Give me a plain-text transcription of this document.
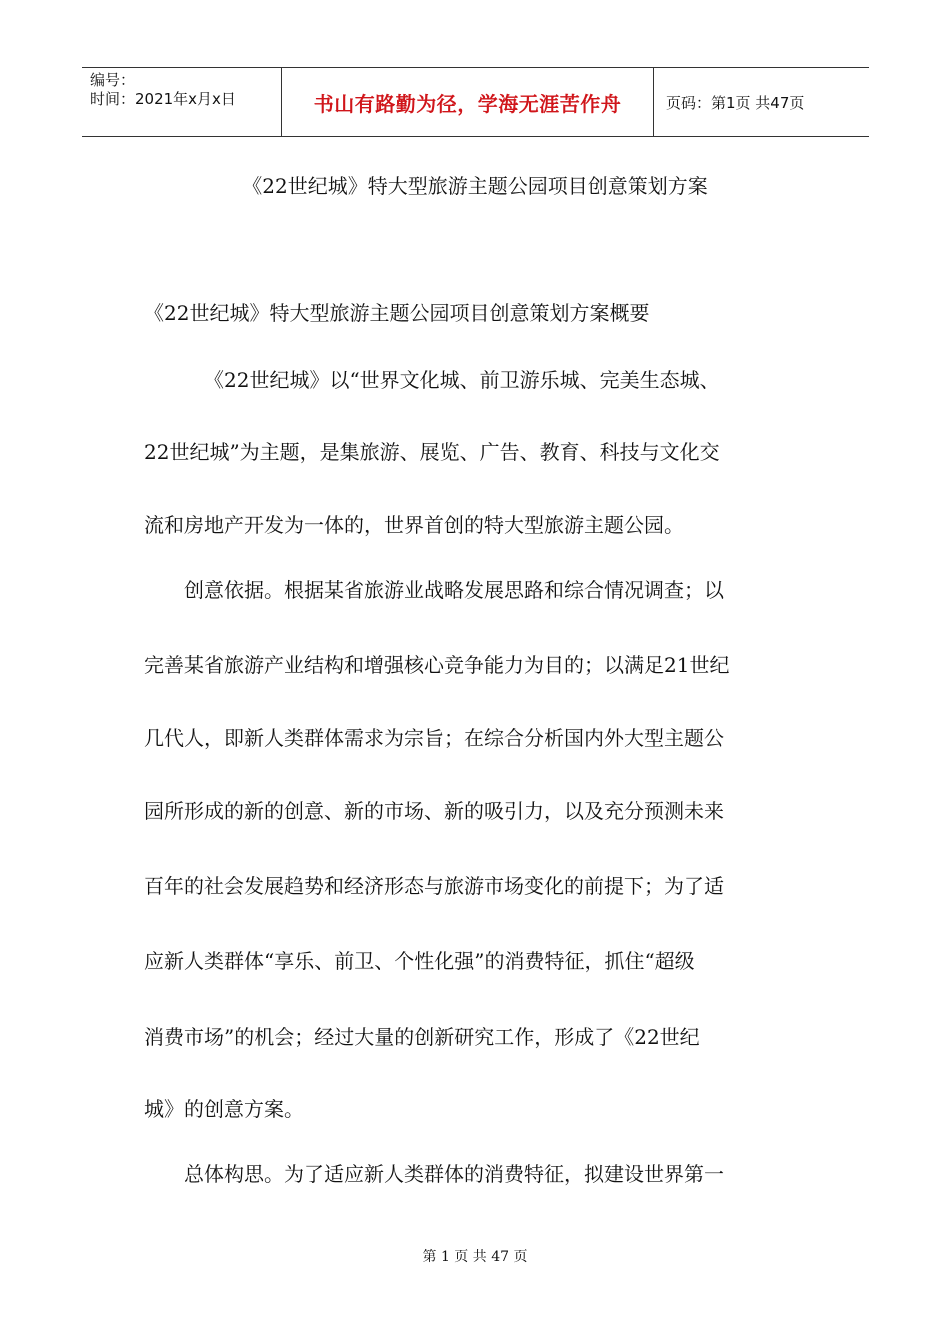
编号：
时间：2021年x月x日	书山有路勤为径，学海无涯苦作舟	页码：第1页 共47页
《22世纪城》特大型旅游主题公园项目创意策划方案
《22世纪城》特大型旅游主题公园项目创意策划方案概要
《22世纪城》以“世界文化城、前卫游乐城、完美生态城、
22世纪城”为主题，是集旅游、展览、广告、教育、科技与文化交
流和房地产开发为一体的，世界首创的特大型旅游主题公园。
创意依据。根据某省旅游业战略发展思路和综合情况调查；以
完善某省旅游产业结构和增强核心竞争能力为目的；以满足21世纪
几代人，即新人类群体需求为宗旨；在综合分析国内外大型主题公
园所形成的新的创意、新的市场、新的吸引力，以及充分预测未来
百年的社会发展趋势和经济形态与旅游市场变化的前提下；为了适
应新人类群体“享乐、前卫、个性化强”的消费特征，抓住“超级
消费市场”的机会；经过大量的创新研究工作，形成了《22世纪
城》的创意方案。
总体构思。为了适应新人类群体的消费特征，拟建设世界第一
第 1 页 共 47 页
